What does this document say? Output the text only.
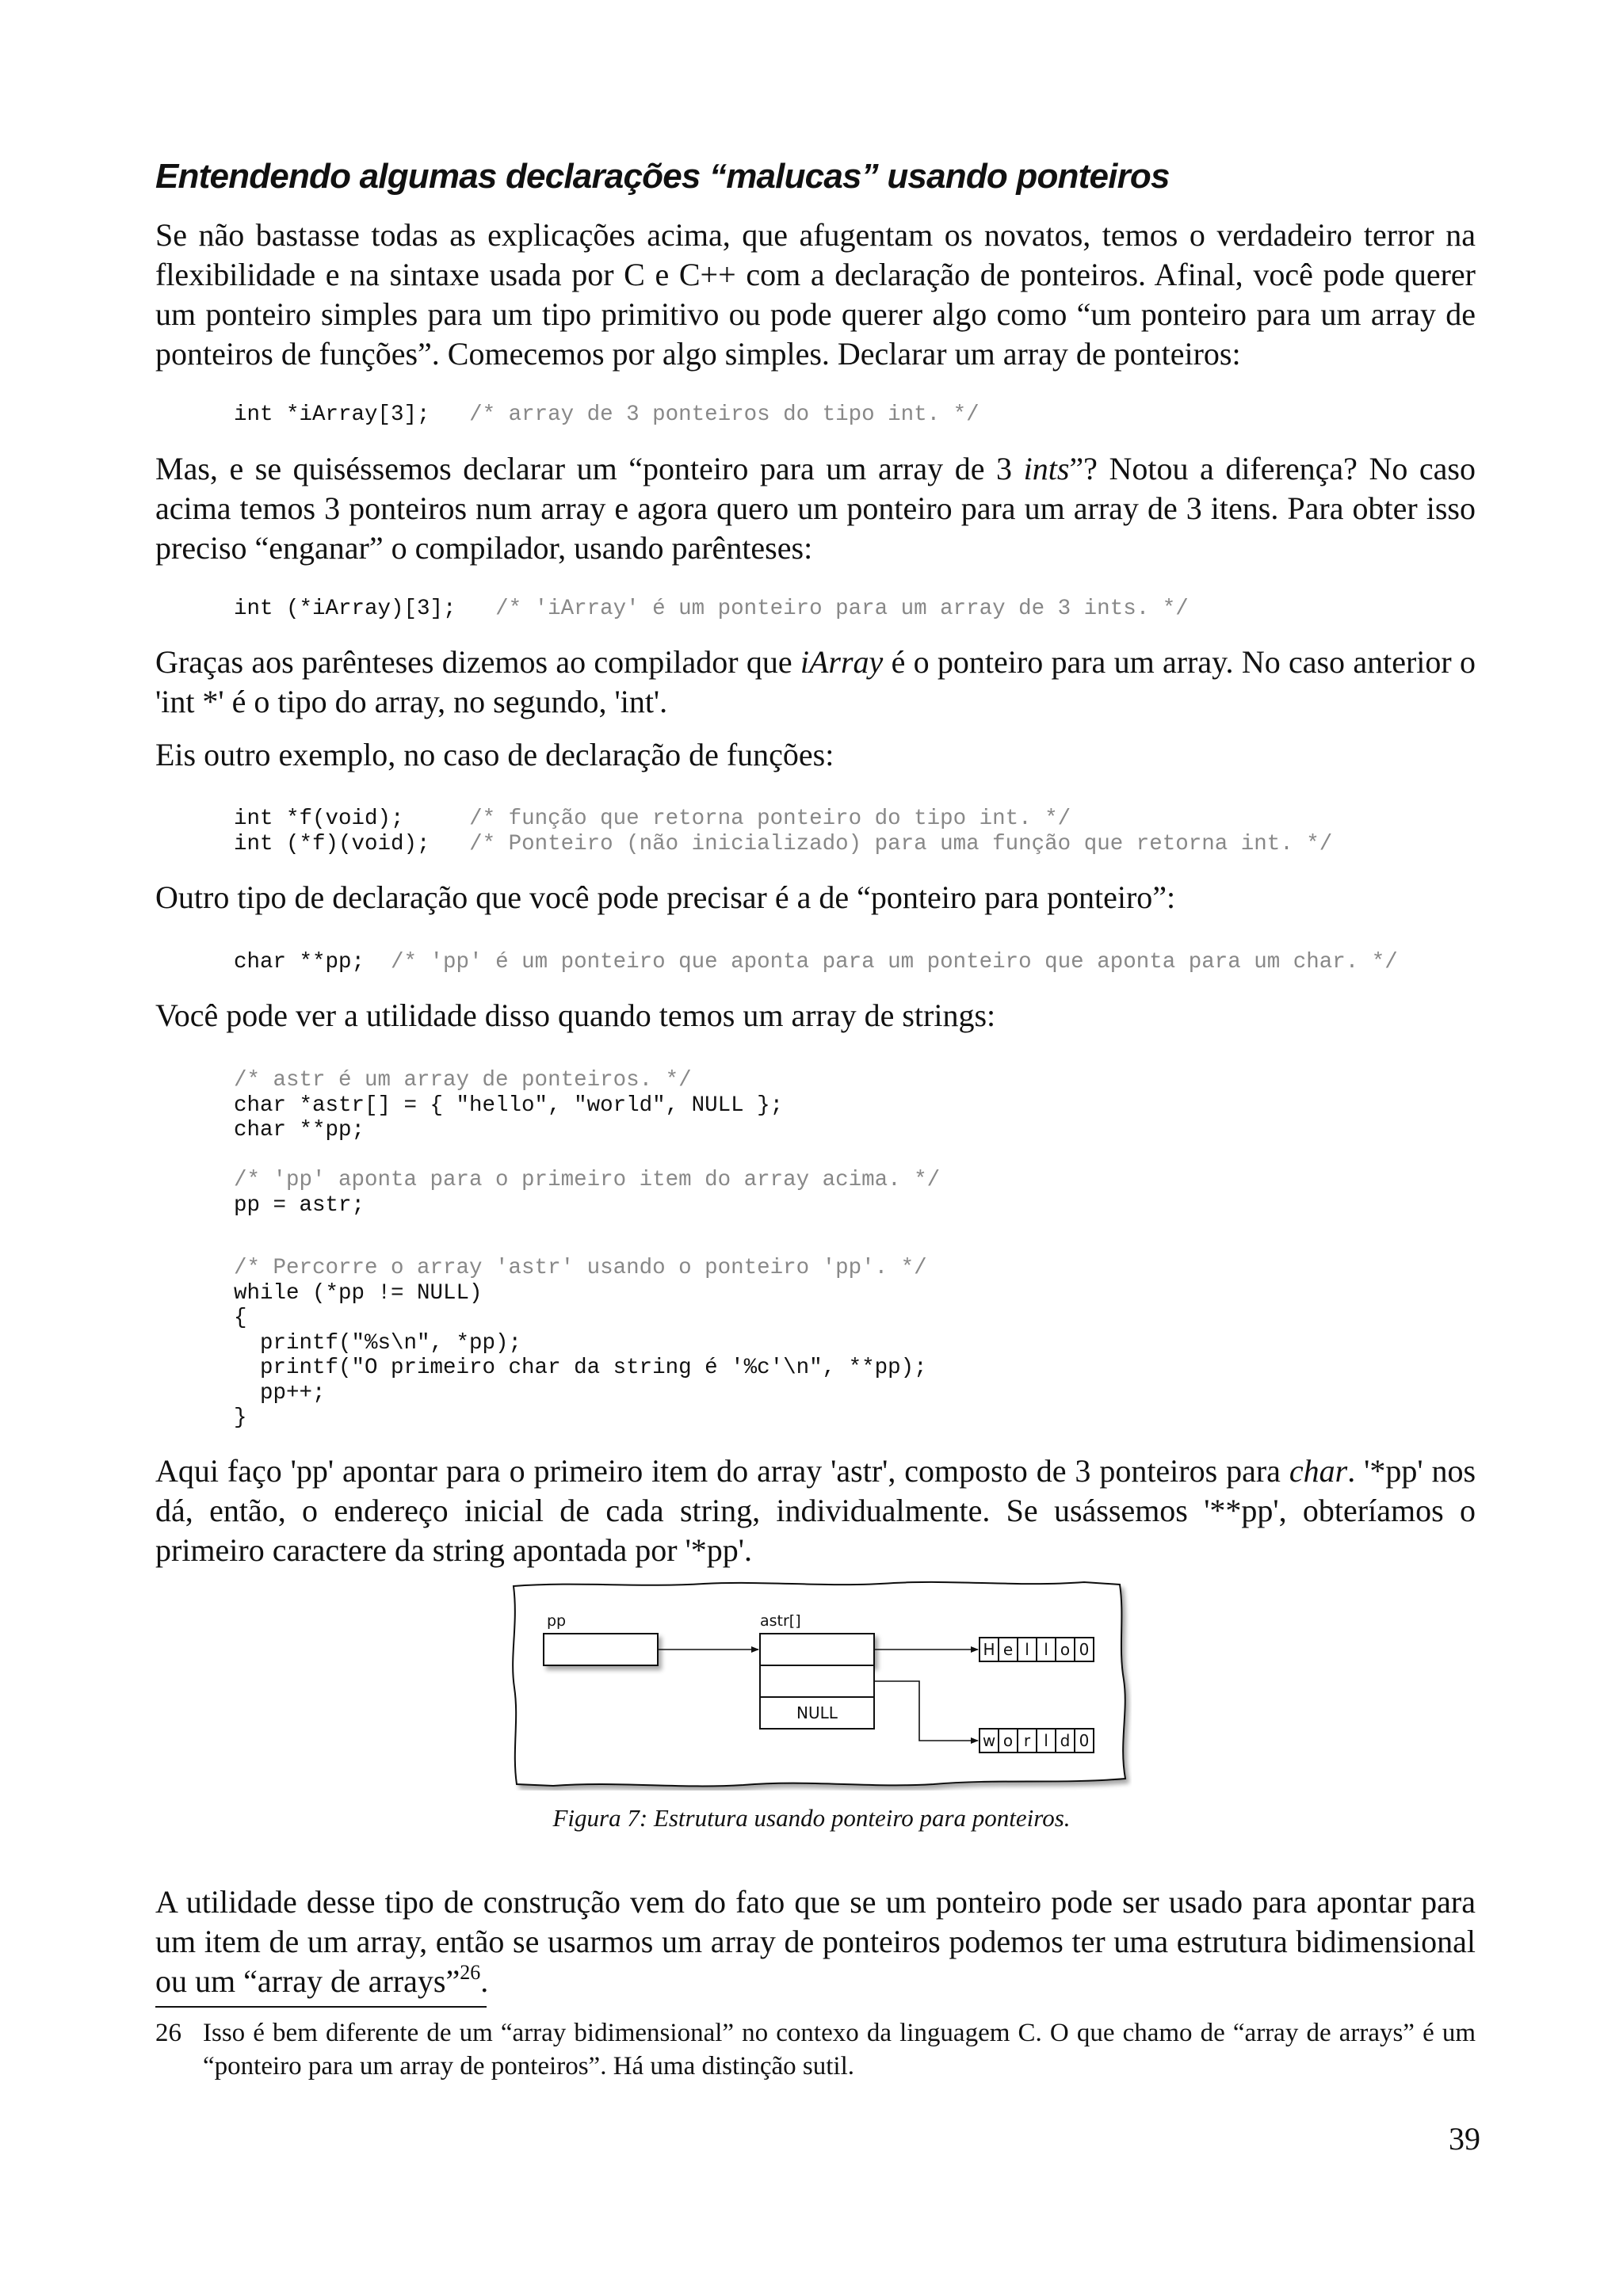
Entendendo algumas declarações “malucas” usando ponteiros

Se não bastasse todas as explicações acima, que afugentam os novatos, temos o verdadeiro terror na flexibilidade e na sintaxe usada por C e C++ com a declaração de ponteiros. Afinal, você pode querer um ponteiro simples para um tipo primitivo ou pode querer algo como “um ponteiro para um array de ponteiros de funções”. Comecemos por algo simples. Declarar um array de ponteiros:

int *iArray[3];   /* array de 3 ponteiros do tipo int. */

Mas, e se quiséssemos declarar um “ponteiro para um array de 3 ints”? Notou a diferença? No caso acima temos 3 ponteiros num array e agora quero um ponteiro para um array de 3 itens. Para obter isso preciso “enganar” o compilador, usando parênteses:

int (*iArray)[3];   /* 'iArray' é um ponteiro para um array de 3 ints. */

Graças aos parênteses dizemos ao compilador que iArray é o ponteiro para um array. No caso anterior o 'int *' é o tipo do array, no segundo, 'int'.

Eis outro exemplo, no caso de declaração de funções:

int *f(void);     /* função que retorna ponteiro do tipo int. */
int (*f)(void);   /* Ponteiro (não inicializado) para uma função que retorna int. */

Outro tipo de declaração que você pode precisar é a de “ponteiro para ponteiro”:

char **pp;  /* 'pp' é um ponteiro que aponta para um ponteiro que aponta para um char. */

Você pode ver a utilidade disso quando temos um array de strings:

/* astr é um array de ponteiros. */
char *astr[] = { "hello", "world", NULL };
char **pp;

/* 'pp' aponta para o primeiro item do array acima. */
pp = astr;
/* Percorre o array 'astr' usando o ponteiro 'pp'. */
while (*pp != NULL)
{
printf("%s\n", *pp);
printf("O primeiro char da string é '%c'\n", **pp);
pp++;
}

Aqui faço 'pp' apontar para o primeiro item do array 'astr', composto de 3 ponteiros para char. '*pp' nos dá, então, o endereço inicial de cada string, individualmente. Se usássemos '**pp', obteríamos o primeiro caractere da string apontada por '*pp'.

pp	astr[]
NULL
H e l l o 0
w o r l d 0

Figura 7: Estrutura usando ponteiro para ponteiros.

A utilidade desse tipo de construção vem do fato que se um ponteiro pode ser usado para apontar para um item de um array, então se usarmos um array de ponteiros podemos ter uma estrutura bidimensional ou um “array de arrays”$^{26}$.

26 Isso é bem diferente de um “array bidimensional” no contexo da linguagem C. O que chamo de “array de arrays” é um “ponteiro para um array de ponteiros”. Há uma distinção sutil.

39
